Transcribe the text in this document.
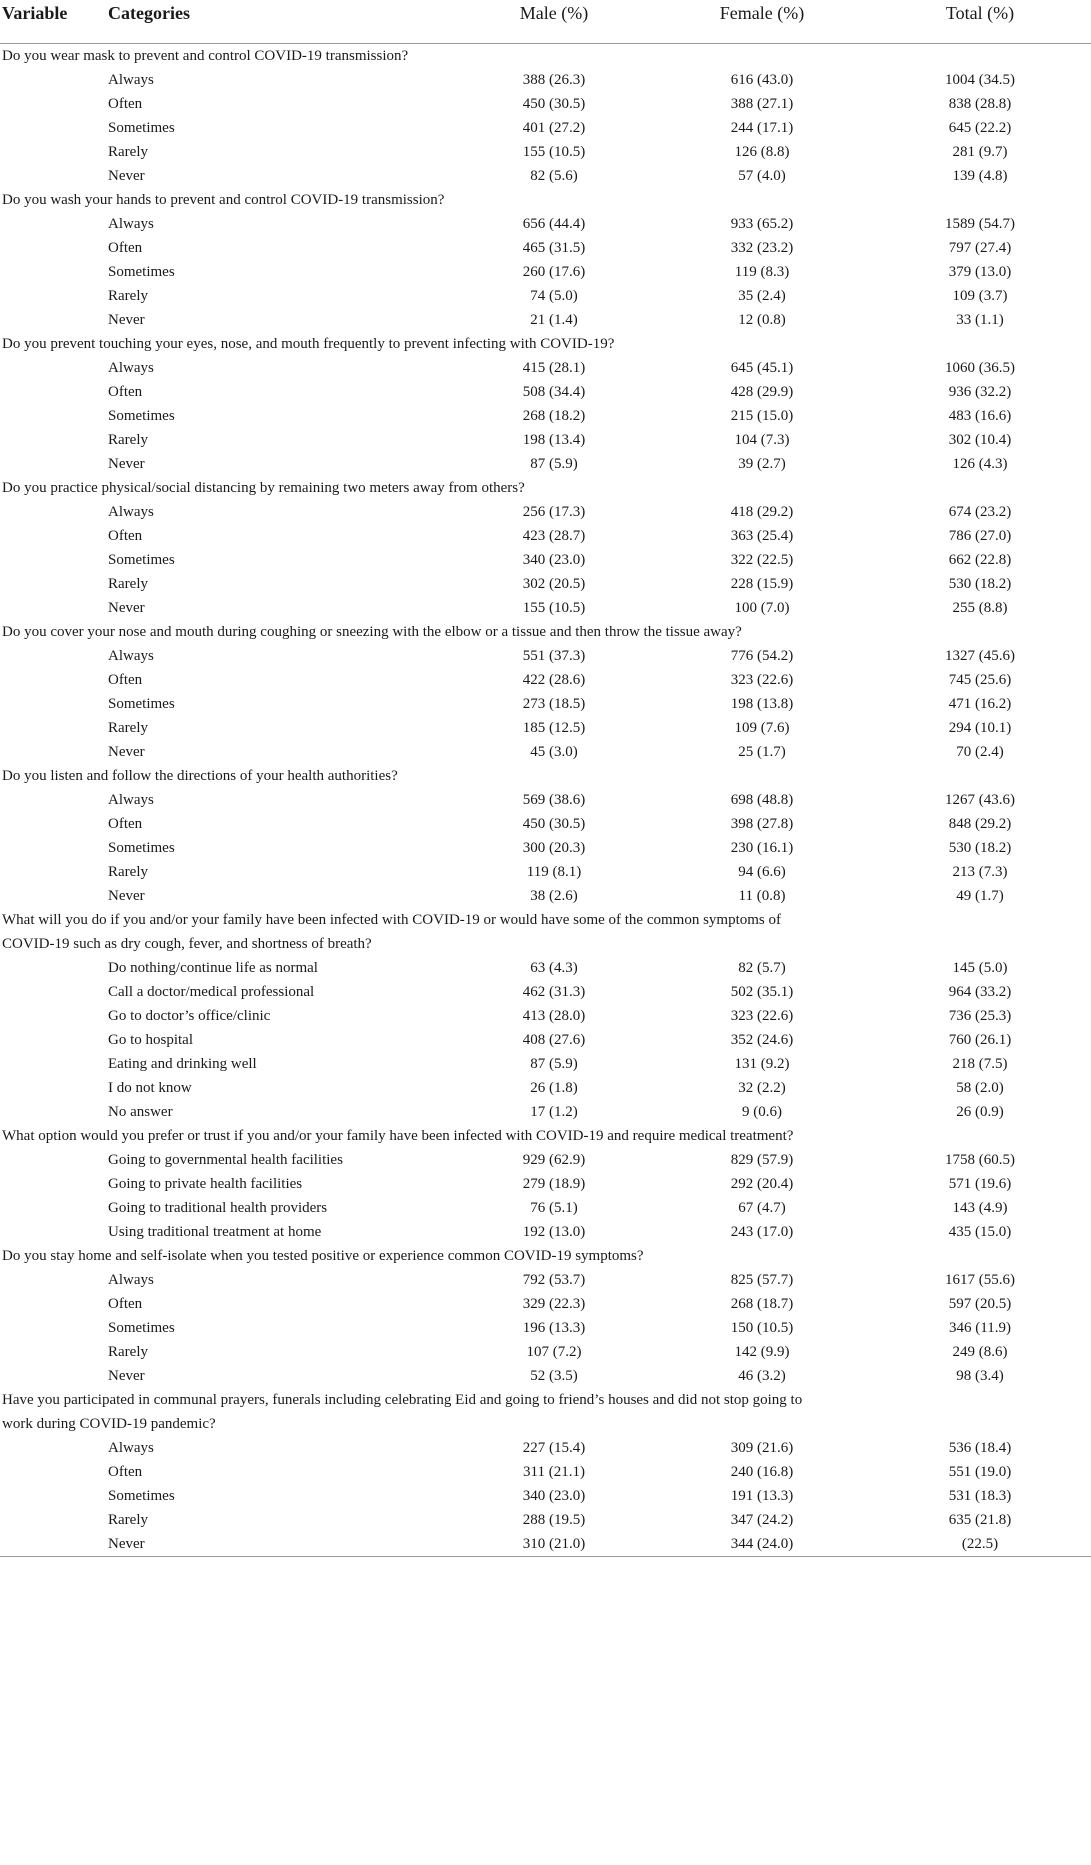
Variable	Categories	Male (%)	Female (%)	Total (%)
Do you wear mask to prevent and control COVID-19 transmission?				
	Always	388 (26.3)	616 (43.0)	1004 (34.5)
	Often	450 (30.5)	388 (27.1)	838 (28.8)
	Sometimes	401 (27.2)	244 (17.1)	645 (22.2)
	Rarely	155 (10.5)	126 (8.8)	281 (9.7)
	Never	82 (5.6)	57 (4.0)	139 (4.8)
Do you wash your hands to prevent and control COVID-19 transmission?				
	Always	656 (44.4)	933 (65.2)	1589 (54.7)
	Often	465 (31.5)	332 (23.2)	797 (27.4)
	Sometimes	260 (17.6)	119 (8.3)	379 (13.0)
	Rarely	74 (5.0)	35 (2.4)	109 (3.7)
	Never	21 (1.4)	12 (0.8)	33 (1.1)
Do you prevent touching your eyes, nose, and mouth frequently to prevent infecting with COVID-19?				
	Always	415 (28.1)	645 (45.1)	1060 (36.5)
	Often	508 (34.4)	428 (29.9)	936 (32.2)
	Sometimes	268 (18.2)	215 (15.0)	483 (16.6)
	Rarely	198 (13.4)	104 (7.3)	302 (10.4)
	Never	87 (5.9)	39 (2.7)	126 (4.3)
Do you practice physical/social distancing by remaining two meters away from others?				
	Always	256 (17.3)	418 (29.2)	674 (23.2)
	Often	423 (28.7)	363 (25.4)	786 (27.0)
	Sometimes	340 (23.0)	322 (22.5)	662 (22.8)
	Rarely	302 (20.5)	228 (15.9)	530 (18.2)
	Never	155 (10.5)	100 (7.0)	255 (8.8)
Do you cover your nose and mouth during coughing or sneezing with the elbow or a tissue and then throw the tissue away?				
	Always	551 (37.3)	776 (54.2)	1327 (45.6)
	Often	422 (28.6)	323 (22.6)	745 (25.6)
	Sometimes	273 (18.5)	198 (13.8)	471 (16.2)
	Rarely	185 (12.5)	109 (7.6)	294 (10.1)
	Never	45 (3.0)	25 (1.7)	70 (2.4)
Do you listen and follow the directions of your health authorities?				
	Always	569 (38.6)	698 (48.8)	1267 (43.6)
	Often	450 (30.5)	398 (27.8)	848 (29.2)
	Sometimes	300 (20.3)	230 (16.1)	530 (18.2)
	Rarely	119 (8.1)	94 (6.6)	213 (7.3)
	Never	38 (2.6)	11 (0.8)	49 (1.7)
What will you do if you and/or your family have been infected with COVID-19 or would have some of the common symptoms of COVID-19 such as dry cough, fever, and shortness of breath?				
	Do nothing/continue life as normal	63 (4.3)	82 (5.7)	145 (5.0)
	Call a doctor/medical professional	462 (31.3)	502 (35.1)	964 (33.2)
	Go to doctor’s office/clinic	413 (28.0)	323 (22.6)	736 (25.3)
	Go to hospital	408 (27.6)	352 (24.6)	760 (26.1)
	Eating and drinking well	87 (5.9)	131 (9.2)	218 (7.5)
	I do not know	26 (1.8)	32 (2.2)	58 (2.0)
	No answer	17 (1.2)	9 (0.6)	26 (0.9)
What option would you prefer or trust if you and/or your family have been infected with COVID-19 and require medical treatment?				
	Going to governmental health facilities	929 (62.9)	829 (57.9)	1758 (60.5)
	Going to private health facilities	279 (18.9)	292 (20.4)	571 (19.6)
	Going to traditional health providers	76 (5.1)	67 (4.7)	143 (4.9)
	Using traditional treatment at home	192 (13.0)	243 (17.0)	435 (15.0)
Do you stay home and self-isolate when you tested positive or experience common COVID-19 symptoms?				
	Always	792 (53.7)	825 (57.7)	1617 (55.6)
	Often	329 (22.3)	268 (18.7)	597 (20.5)
	Sometimes	196 (13.3)	150 (10.5)	346 (11.9)
	Rarely	107 (7.2)	142 (9.9)	249 (8.6)
	Never	52 (3.5)	46 (3.2)	98 (3.4)
Have you participated in communal prayers, funerals including celebrating Eid and going to friend’s houses and did not stop going to work during COVID-19 pandemic?				
	Always	227 (15.4)	309 (21.6)	536 (18.4)
	Often	311 (21.1)	240 (16.8)	551 (19.0)
	Sometimes	340 (23.0)	191 (13.3)	531 (18.3)
	Rarely	288 (19.5)	347 (24.2)	635 (21.8)
	Never	310 (21.0)	344 (24.0)	(22.5)
